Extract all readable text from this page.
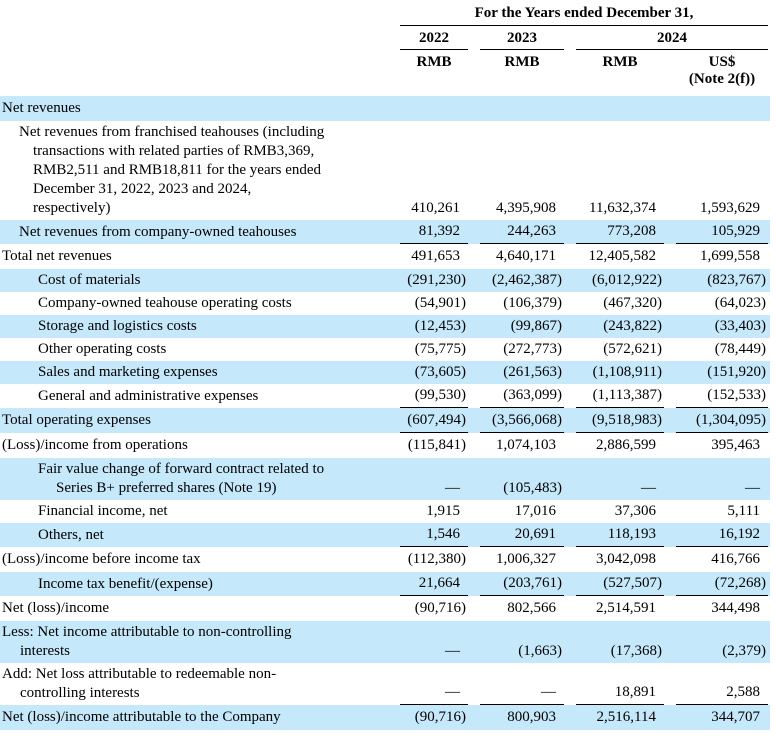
	For the Years ended December 31,			

	2022	2023	2024	

	RMB	RMB	RMB	US$
(Note 2(f))

Net revenues				

Net revenues from franchised teahouses (including
transactions with related parties of RMB3,369,
RMB2,511 and RMB18,811 for the years ended
December 31, 2022, 2023 and 2024,
respectively)	410,261	4,395,908	11,632,374	1,593,629

Net revenues from company-owned teahouses	81,392	244,263	773,208	105,929

Total net revenues	491,653	4,640,171	12,405,582	1,699,558

Cost of materials	(291,230)	(2,462,387)	(6,012,922)	(823,767)

Company-owned teahouse operating costs	(54,901)	(106,379)	(467,320)	(64,023)

Storage and logistics costs	(12,453)	(99,867)	(243,822)	(33,403)

Other operating costs	(75,775)	(272,773)	(572,621)	(78,449)

Sales and marketing expenses	(73,605)	(261,563)	(1,108,911)	(151,920)

General and administrative expenses	(99,530)	(363,099)	(1,113,387)	(152,533)

Total operating expenses	(607,494)	(3,566,068)	(9,518,983)	(1,304,095)

(Loss)/income from operations	(115,841)	1,074,103	2,886,599	395,463

Fair value change of forward contract related to
Series B+ preferred shares (Note 19)	—	(105,483)	—	—

Financial income, net	1,915	17,016	37,306	5,111

Others, net	1,546	20,691	118,193	16,192

(Loss)/income before income tax	(112,380)	1,006,327	3,042,098	416,766

Income tax benefit/(expense)	21,664	(203,761)	(527,507)	(72,268)

Net (loss)/income	(90,716)	802,566	2,514,591	344,498

Less: Net income attributable to non-controlling
interests	—	(1,663)	(17,368)	(2,379)

Add: Net loss attributable to redeemable non-
controlling interests	—	—	18,891	2,588

Net (loss)/income attributable to the Company	(90,716)	800,903	2,516,114	344,707
